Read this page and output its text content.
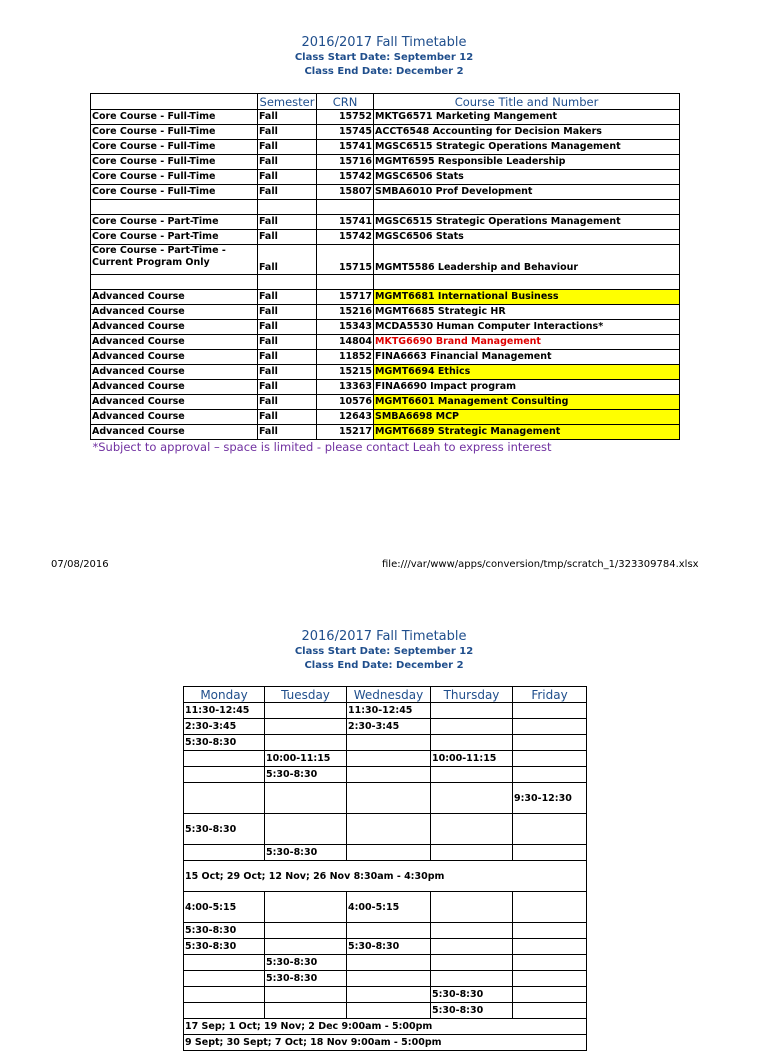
2016/2017 Fall Timetable
Class Start Date: September 12
Class End Date: December 2
	Semester	CRN	Course Title and Number
Core Course - Full-Time	Fall	15752	MKTG6571 Marketing Mangement
Core Course - Full-Time	Fall	15745	ACCT6548 Accounting for Decision Makers
Core Course - Full-Time	Fall	15741	MGSC6515 Strategic Operations Management
Core Course - Full-Time	Fall	15716	MGMT6595 Responsible Leadership
Core Course - Full-Time	Fall	15742	MGSC6506 Stats
Core Course - Full-Time	Fall	15807	SMBA6010 Prof Development

Core Course - Part-Time	Fall	15741	MGSC6515 Strategic Operations Management
Core Course - Part-Time	Fall	15742	MGSC6506 Stats
Core Course - Part-Time - Current Program Only	Fall	15715	MGMT5586 Leadership and Behaviour

Advanced Course	Fall	15717	MGMT6681 International Business
Advanced Course	Fall	15216	MGMT6685 Strategic HR
Advanced Course	Fall	15343	MCDA5530 Human Computer Interactions*
Advanced Course	Fall	14804	MKTG6690 Brand Management
Advanced Course	Fall	11852	FINA6663 Financial Management
Advanced Course	Fall	15215	MGMT6694 Ethics
Advanced Course	Fall	13363	FINA6690 Impact program
Advanced Course	Fall	10576	MGMT6601 Management Consulting
Advanced Course	Fall	12643	SMBA6698 MCP
Advanced Course	Fall	15217	MGMT6689 Strategic Management
*Subject to approval – space is limited - please contact Leah to express interest			
07/08/2016	file:///var/www/apps/conversion/tmp/scratch_1/323309784.xlsx
2016/2017 Fall Timetable
Class Start Date: September 12
Class End Date: December 2
Monday	Tuesday	Wednesday	Thursday	Friday
11:30-12:45		11:30-12:45		
2:30-3:45		2:30-3:45		
5:30-8:30				
	10:00-11:15		10:00-11:15	
	5:30-8:30			
				9:30-12:30
5:30-8:30				
	5:30-8:30			
15 Oct; 29 Oct; 12 Nov; 26 Nov 8:30am - 4:30pm				
4:00-5:15		4:00-5:15		
5:30-8:30				
5:30-8:30		5:30-8:30		
	5:30-8:30			
	5:30-8:30			
			5:30-8:30	
			5:30-8:30	
17 Sep; 1 Oct; 19 Nov; 2 Dec 9:00am - 5:00pm				
9 Sept; 30 Sept; 7 Oct; 18 Nov 9:00am - 5:00pm				
